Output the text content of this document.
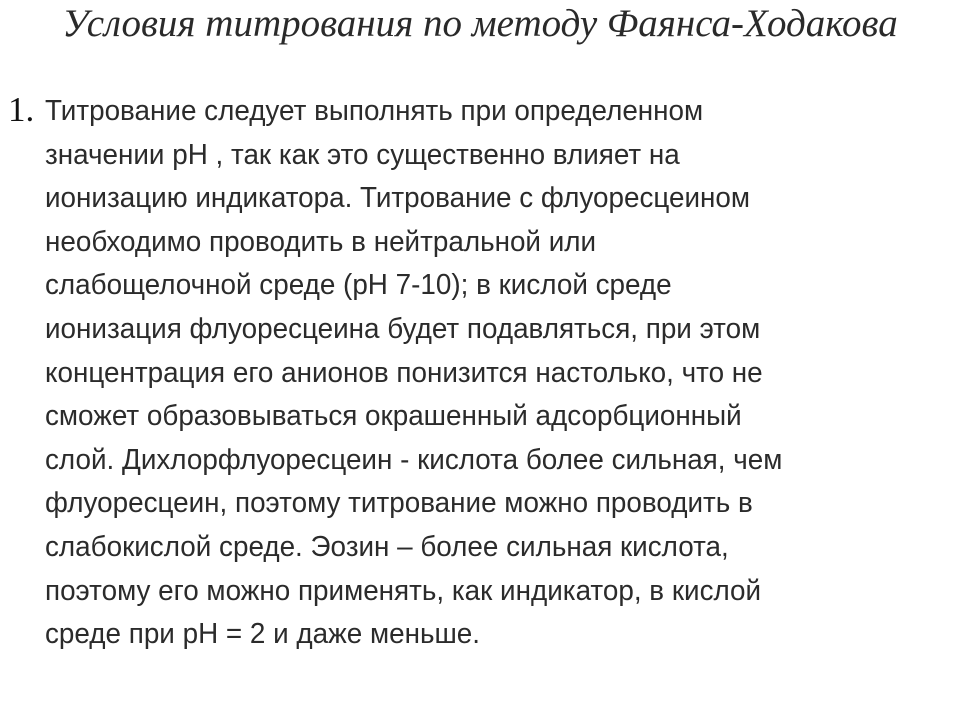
Условия титрования по методу Фаянса-Ходакова
1. Титрование следует выполнять при определенном
значении рН , так как это существенно влияет на
ионизацию индикатора. Титрование с флуоресцеином
необходимо проводить в нейтральной или
слабощелочной среде (рН 7-10); в кислой среде
ионизация флуоресцеина будет подавляться, при этом
концентрация его анионов понизится настолько, что не
сможет образовываться окрашенный адсорбционный
слой. Дихлорфлуоресцеин - кислота более сильная, чем
флуоресцеин, поэтому титрование можно проводить в
слабокислой среде. Эозин – более сильная кислота,
поэтому его можно применять, как индикатор, в кислой
среде при рН = 2 и даже меньше.
